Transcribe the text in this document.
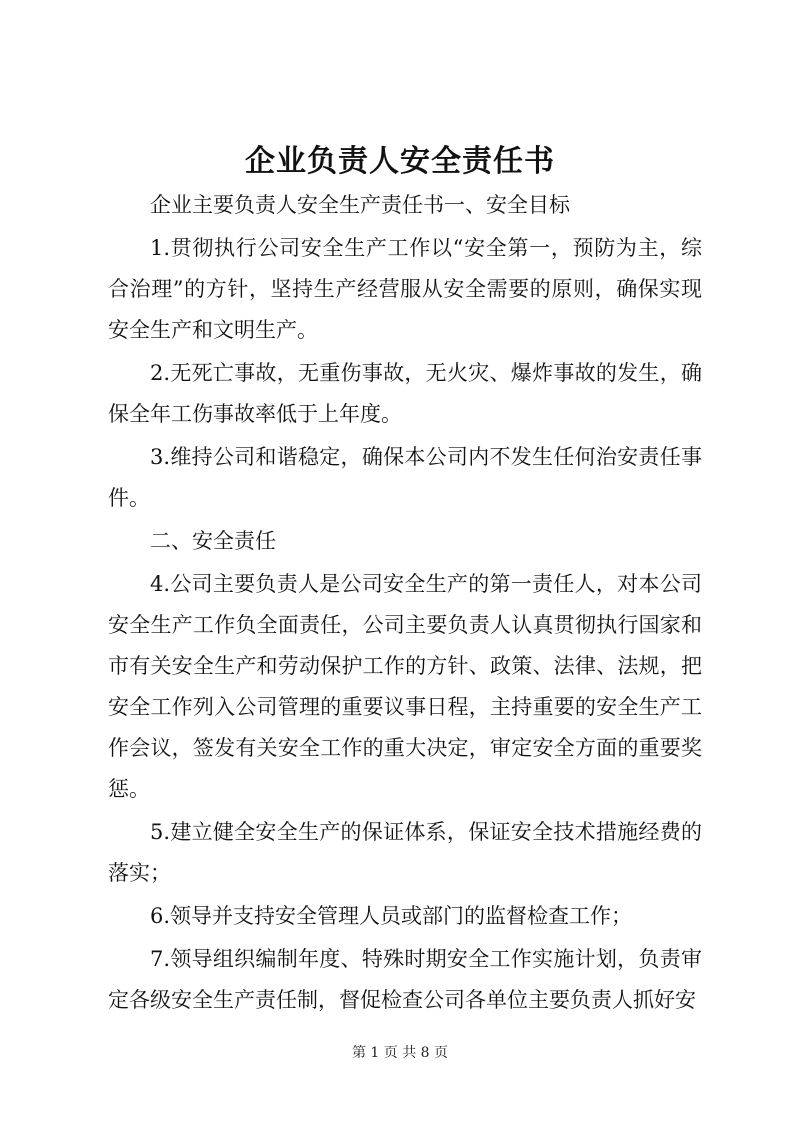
企业负责人安全责任书

企业主要负责人安全生产责任书一、安全目标

1.贯彻执行公司安全生产工作以“安全第一，预防为主，综合治理”的方针，坚持生产经营服从安全需要的原则，确保实现安全生产和文明生产。

2.无死亡事故，无重伤事故，无火灾、爆炸事故的发生，确保全年工伤事故率低于上年度。

3.维持公司和谐稳定，确保本公司内不发生任何治安责任事件。

二、安全责任

4.公司主要负责人是公司安全生产的第一责任人，对本公司安全生产工作负全面责任，公司主要负责人认真贯彻执行国家和市有关安全生产和劳动保护工作的方针、政策、法律、法规，把安全工作列入公司管理的重要议事日程，主持重要的安全生产工作会议，签发有关安全工作的重大决定，审定安全方面的重要奖惩。

5.建立健全安全生产的保证体系，保证安全技术措施经费的落实；

6.领导并支持安全管理人员或部门的监督检查工作；

7.领导组织编制年度、特殊时期安全工作实施计划，负责审定各级安全生产责任制，督促检查公司各单位主要负责人抓好安

第 1 页 共 8 页
